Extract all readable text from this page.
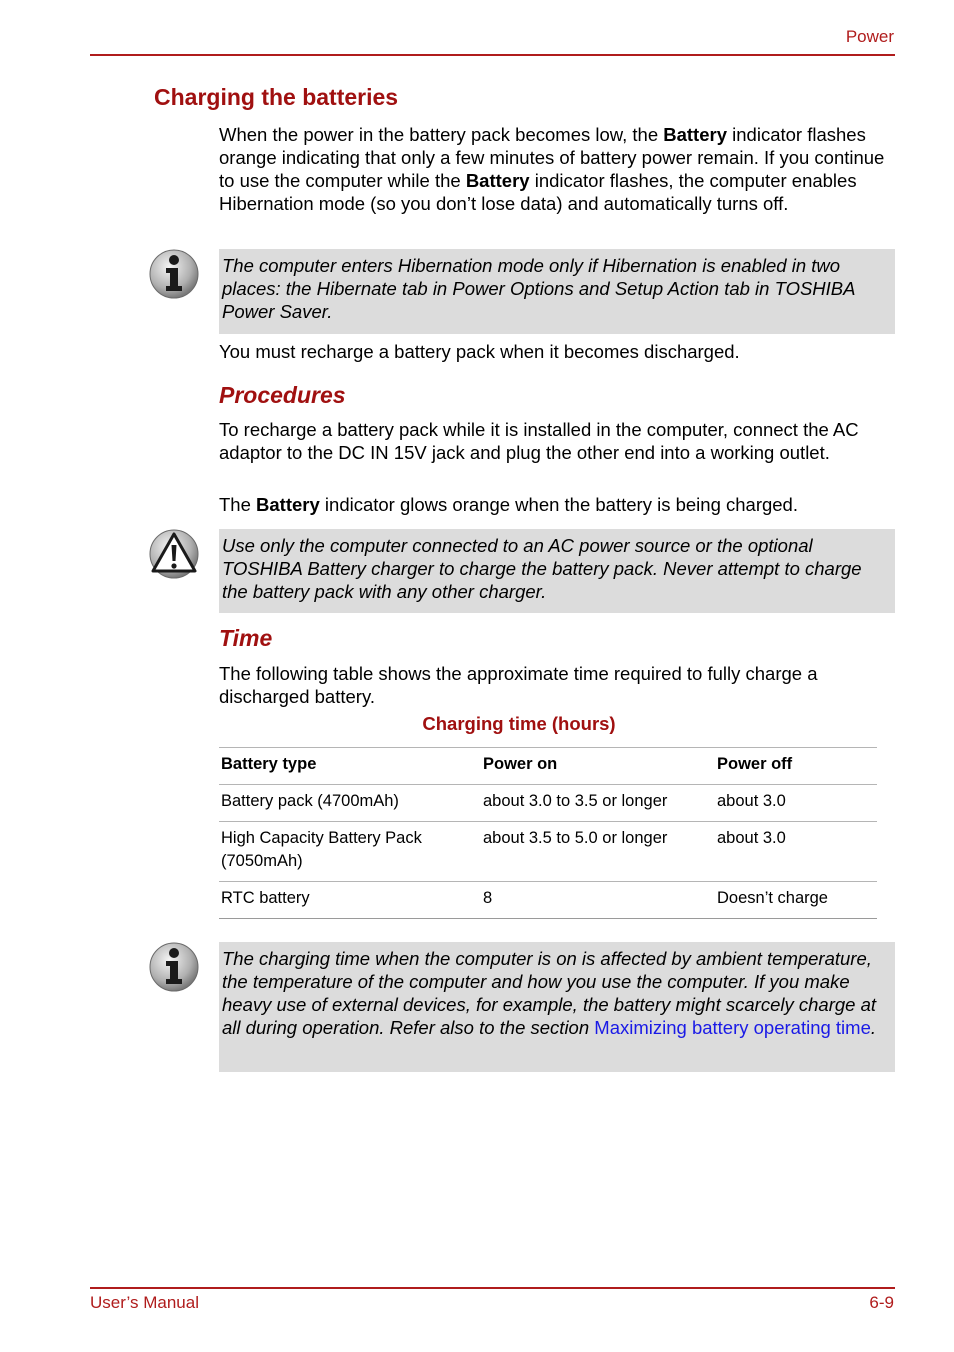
Power
Charging the batteries

When the power in the battery pack becomes low, the Battery indicator flashes orange indicating that only a few minutes of battery power remain. If you continue to use the computer while the Battery indicator flashes, the computer enables Hibernation mode (so you don’t lose data) and automatically turns off.

The computer enters Hibernation mode only if Hibernation is enabled in two places: the Hibernate tab in Power Options and Setup Action tab in TOSHIBA Power Saver.

You must recharge a battery pack when it becomes discharged.

Procedures

To recharge a battery pack while it is installed in the computer, connect the AC adaptor to the DC IN 15V jack and plug the other end into a working outlet.

The Battery indicator glows orange when the battery is being charged.

Use only the computer connected to an AC power source or the optional TOSHIBA Battery charger to charge the battery pack. Never attempt to charge the battery pack with any other charger.
Time

The following table shows the approximate time required to fully charge a discharged battery.

Charging time (hours)
Battery type	Power on	Power off
Battery pack (4700mAh)	about 3.0 to 3.5 or longer	about 3.0
High Capacity Battery Pack (7050mAh)	about 3.5 to 5.0 or longer	about 3.0
RTC battery	8	Doesn’t charge
The charging time when the computer is on is affected by ambient temperature, the temperature of the computer and how you use the computer. If you make heavy use of external devices, for example, the battery might scarcely charge at all during operation. Refer also to the section Maximizing battery operating time.
User’s Manual	6-9
